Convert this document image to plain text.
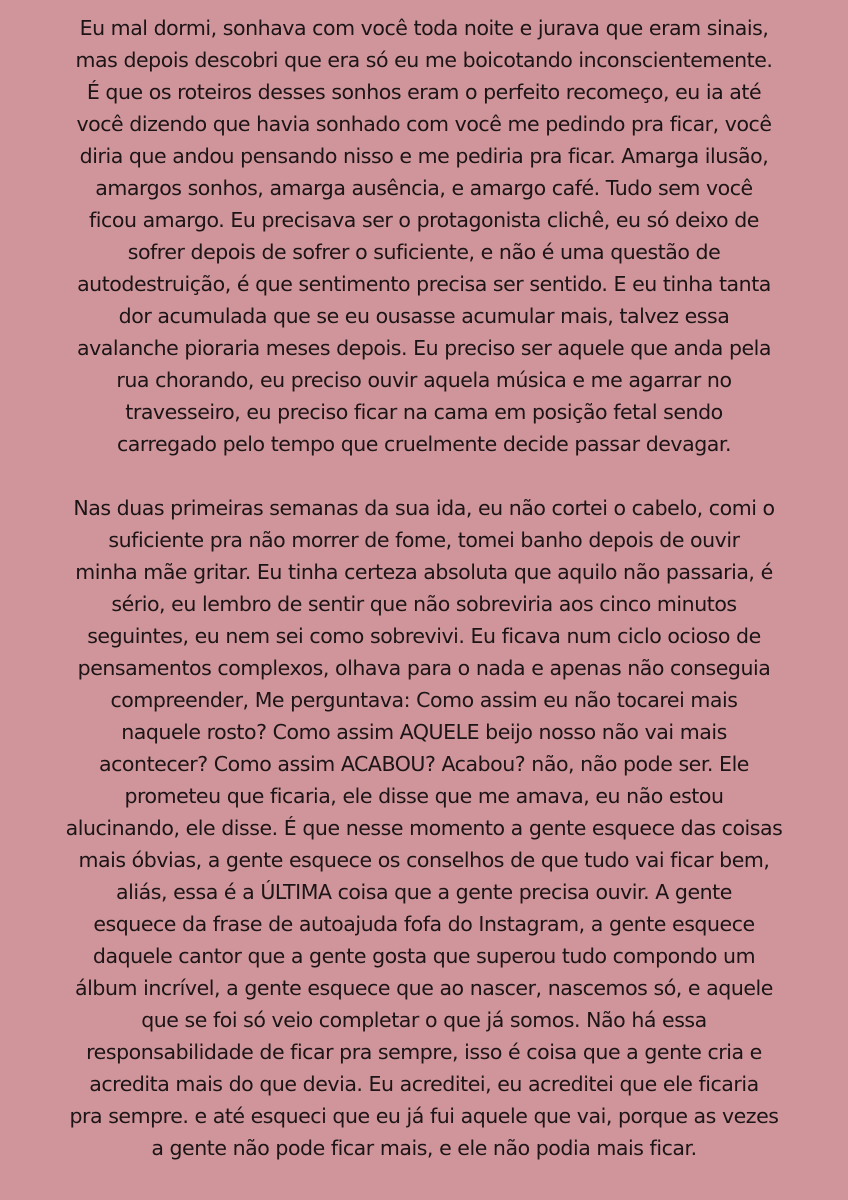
Eu mal dormi, sonhava com você toda noite e jurava que eram sinais,
mas depois descobri que era só eu me boicotando inconscientemente.
É que os roteiros desses sonhos eram o perfeito recomeço, eu ia até
você dizendo que havia sonhado com você me pedindo pra ficar, você
diria que andou pensando nisso e me pediria pra ficar. Amarga ilusão,
amargos sonhos, amarga ausência, e amargo café. Tudo sem você
ficou amargo. Eu precisava ser o protagonista clichê, eu só deixo de
sofrer depois de sofrer o suficiente, e não é uma questão de
autodestruição, é que sentimento precisa ser sentido. E eu tinha tanta
dor acumulada que se eu ousasse acumular mais, talvez essa
avalanche pioraria meses depois. Eu preciso ser aquele que anda pela
rua chorando, eu preciso ouvir aquela música e me agarrar no
travesseiro, eu preciso ficar na cama em posição fetal sendo
carregado pelo tempo que cruelmente decide passar devagar.
Nas duas primeiras semanas da sua ida, eu não cortei o cabelo, comi o
suficiente pra não morrer de fome, tomei banho depois de ouvir
minha mãe gritar. Eu tinha certeza absoluta que aquilo não passaria, é
sério, eu lembro de sentir que não sobreviria aos cinco minutos
seguintes, eu nem sei como sobrevivi. Eu ficava num ciclo ocioso de
pensamentos complexos, olhava para o nada e apenas não conseguia
compreender, Me perguntava: Como assim eu não tocarei mais
naquele rosto? Como assim AQUELE beijo nosso não vai mais
acontecer? Como assim ACABOU? Acabou? não, não pode ser. Ele
prometeu que ficaria, ele disse que me amava, eu não estou
alucinando, ele disse. É que nesse momento a gente esquece das coisas
mais óbvias, a gente esquece os conselhos de que tudo vai ficar bem,
aliás, essa é a ÚLTIMA coisa que a gente precisa ouvir. A gente
esquece da frase de autoajuda fofa do Instagram, a gente esquece
daquele cantor que a gente gosta que superou tudo compondo um
álbum incrível, a gente esquece que ao nascer, nascemos só, e aquele
que se foi só veio completar o que já somos. Não há essa
responsabilidade de ficar pra sempre, isso é coisa que a gente cria e
acredita mais do que devia. Eu acreditei, eu acreditei que ele ficaria
pra sempre. e até esqueci que eu já fui aquele que vai, porque as vezes
a gente não pode ficar mais, e ele não podia mais ficar.
